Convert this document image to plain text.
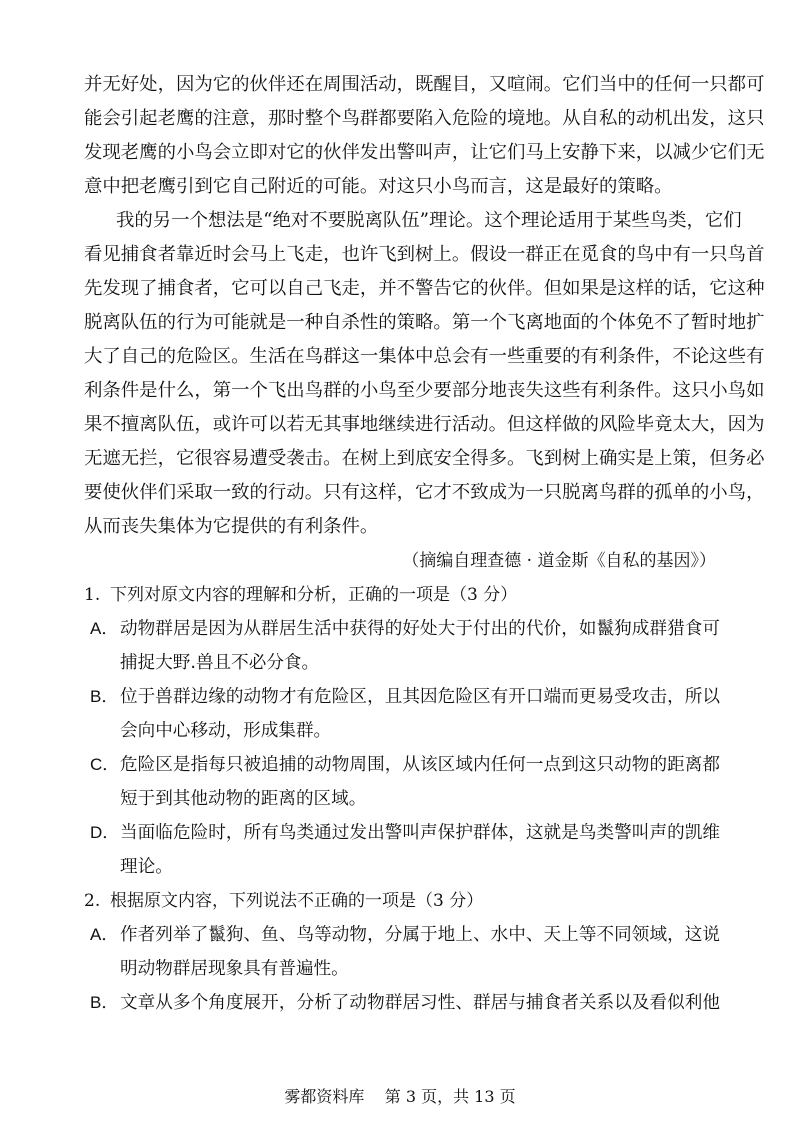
并无好处，因为它的伙伴还在周围活动，既醒目，又喧闹。它们当中的任何一只都可
能会引起老鹰的注意，那时整个鸟群都要陷入危险的境地。从自私的动机出发，这只
发现老鹰的小鸟会立即对它的伙伴发出警叫声，让它们马上安静下来，以减少它们无
意中把老鹰引到它自己附近的可能。对这只小鸟而言，这是最好的策略。
我的另一个想法是“绝对不要脱离队伍”理论。这个理论适用于某些鸟类，它们
看见捕食者靠近时会马上飞走，也许飞到树上。假设一群正在觅食的鸟中有一只鸟首
先发现了捕食者，它可以自己飞走，并不警告它的伙伴。但如果是这样的话，它这种
脱离队伍的行为可能就是一种自杀性的策略。第一个飞离地面的个体免不了暂时地扩
大了自己的危险区。生活在鸟群这一集体中总会有一些重要的有利条件，不论这些有
利条件是什么，第一个飞出鸟群的小鸟至少要部分地丧失这些有利条件。这只小鸟如
果不擅离队伍，或许可以若无其事地继续进行活动。但这样做的风险毕竟太大，因为
无遮无拦，它很容易遭受袭击。在树上到底安全得多。飞到树上确实是上策，但务必
要使伙伴们采取一致的行动。只有这样，它才不致成为一只脱离鸟群的孤单的小鸟，
从而丧失集体为它提供的有利条件。
（摘编自理查德 · 道金斯《自私的基因》）
1. 下列对原文内容的理解和分析，正确的一项是（3 分）
A． 动物群居是因为从群居生活中获得的好处大于付出的代价，如鬣狗成群猎食可
捕捉大野.兽且不必分食。
B． 位于兽群边缘的动物才有危险区，且其因危险区有开口端而更易受攻击，所以
会向中心移动，形成集群。
C． 危险区是指每只被追捕的动物周围，从该区域内任何一点到这只动物的距离都
短于到其他动物的距离的区域。
D． 当面临危险时，所有鸟类通过发出警叫声保护群体，这就是鸟类警叫声的凯维
理论。
2. 根据原文内容，下列说法不正确的一项是（3 分）
A． 作者列举了鬣狗、鱼、鸟等动物，分属于地上、水中、天上等不同领域，这说
雾都资料库 第 3 页，共 13 页
明动物群居现象具有普遍性。
B． 文章从多个角度展开，分析了动物群居习性、群居与捕食者关系以及看似利他
